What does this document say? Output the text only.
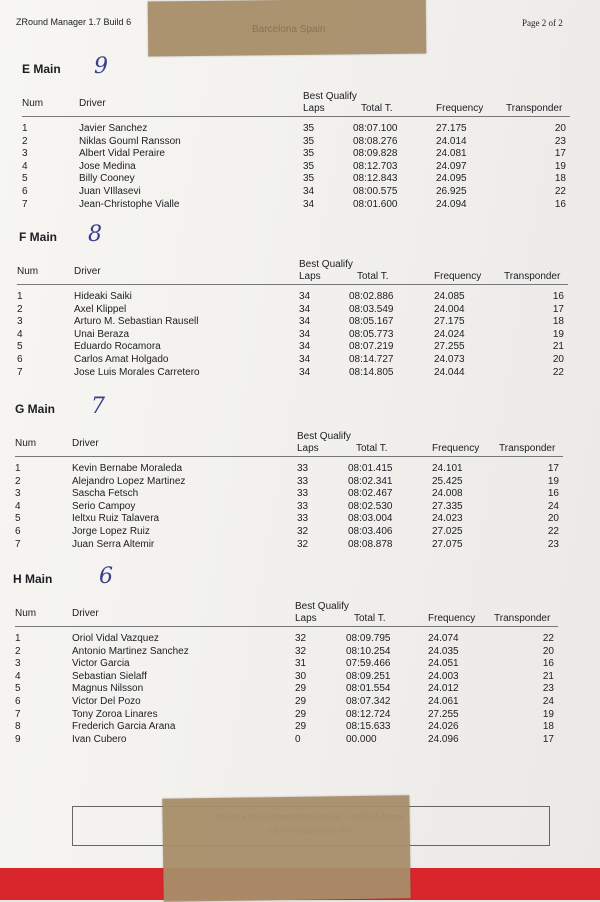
ZRound Manager 1.7 Build 6	Page 2 of 2
E Main 9
Best Qualify
Num	Driver	Laps	Total T.	Frequency Transponder
1	Javier Sanchez	35	08:07.100	27.175	20
2	Niklas Gouml Ransson	35	08:08.276	24.014	23
3	Albert Vidal Peraire	35	08:09.828	24.081	17
4	Jose Medina	35	08:12.703	24.097	19
5	Billy Cooney	35	08:12.843	24.095	18
6	Juan VIllasevi	34	08:00.575	26.925	22
7	Jean-Christophe Vialle	34	08:01.600	24.094	16
F Main 8
Best Qualify
Num	Driver	Laps	Total T.	Frequency Transponder
1	Hideaki Saiki	34	08:02.886	24.085	16
2	Axel Klippel	34	08:03.549	24.004	17
3	Arturo M. Sebastian Rausell	34	08:05.167	27.175	18
4	Unai Beraza	34	08:05.773	24.024	19
5	Eduardo Rocamora	34	08:07.219	27.255	21
6	Carlos Amat Holgado	34	08:14.727	24.073	20
7	Jose Luis Morales Carretero	34	08:14.805	24.044	22
G Main 7
Best Qualify
Num	Driver	Laps	Total T.	Frequency Transponder
1	Kevin Bernabe Moraleda	33	08:01.415	24.101	17
2	Alejandro Lopez Martinez	33	08:02.341	25.425	19
3	Sascha Fetsch	33	08:02.467	24.008	16
4	Serio Campoy	33	08:02.530	27.335	24
5	Ieltxu Ruiz Talavera	33	08:03.004	24.023	20
6	Jorge Lopez Ruiz	32	08:03.406	27.025	22
7	Juan Serra Altemir	32	08:08.878	27.075	23
H Main 6
Best Qualify
Num	Driver	Laps	Total T.	Frequency Transponder
1	Oriol Vidal Vazquez	32	08:09.795	24.074	22
2	Antonio Martinez Sanchez	32	08:10.254	24.035	20
3	Victor Garcia	31	07:59.466	24.051	16
4	Sebastian Sielaff	30	08:09.251	24.003	21
5	Magnus Nilsson	29	08:01.554	24.012	23
6	Victor Del Pozo	29	08:07.342	24.061	24
7	Tony Zoroa Linares	29	08:12.724	27.255	19
8	Frederich Garcia Arana	29	08:15.633	24.026	18
9	Ivan Cubero	0	00.000	24.096	17
Barcelona Spain
